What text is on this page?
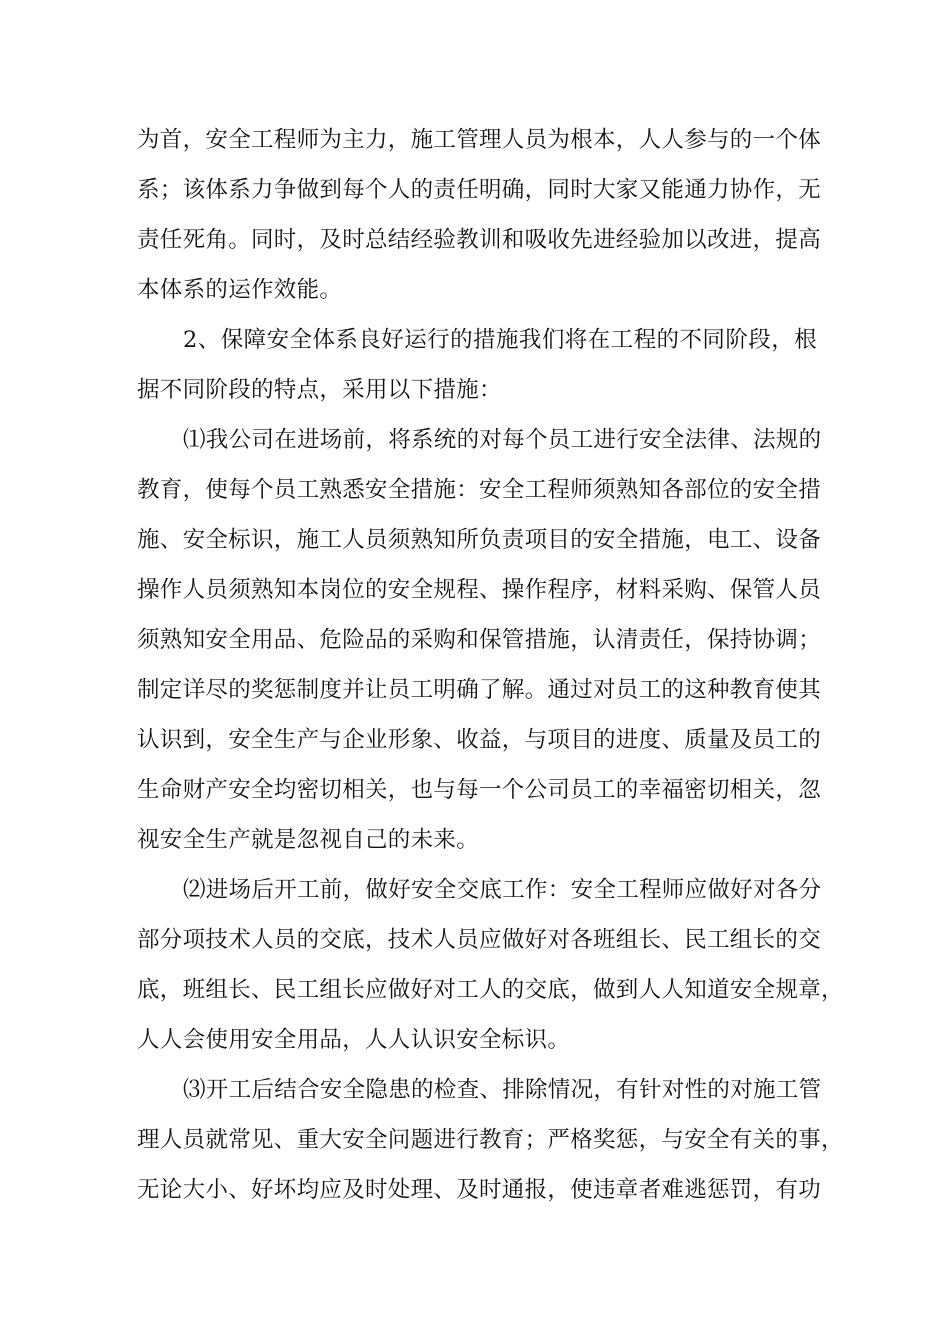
为首，安全工程师为主力，施工管理人员为根本，人人参与的一个体
系；该体系力争做到每个人的责任明确，同时大家又能通力协作，无
责任死角。同时，及时总结经验教训和吸收先进经验加以改进，提高
本体系的运作效能。
2、保障安全体系良好运行的措施我们将在工程的不同阶段，根
据不同阶段的特点，采用以下措施：
⑴我公司在进场前，将系统的对每个员工进行安全法律、法规的
教育，使每个员工熟悉安全措施：安全工程师须熟知各部位的安全措
施、安全标识，施工人员须熟知所负责项目的安全措施，电工、设备
操作人员须熟知本岗位的安全规程、操作程序，材料采购、保管人员
须熟知安全用品、危险品的采购和保管措施，认清责任，保持协调；
制定详尽的奖惩制度并让员工明确了解。通过对员工的这种教育使其
认识到，安全生产与企业形象、收益，与项目的进度、质量及员工的
生命财产安全均密切相关，也与每一个公司员工的幸福密切相关，忽
视安全生产就是忽视自己的未来。
⑵进场后开工前，做好安全交底工作：安全工程师应做好对各分
部分项技术人员的交底，技术人员应做好对各班组长、民工组长的交
底，班组长、民工组长应做好对工人的交底，做到人人知道安全规章，
人人会使用安全用品，人人认识安全标识。
⑶开工后结合安全隐患的检查、排除情况，有针对性的对施工管
理人员就常见、重大安全问题进行教育；严格奖惩，与安全有关的事，
无论大小、好坏均应及时处理、及时通报，使违章者难逃惩罚，有功
